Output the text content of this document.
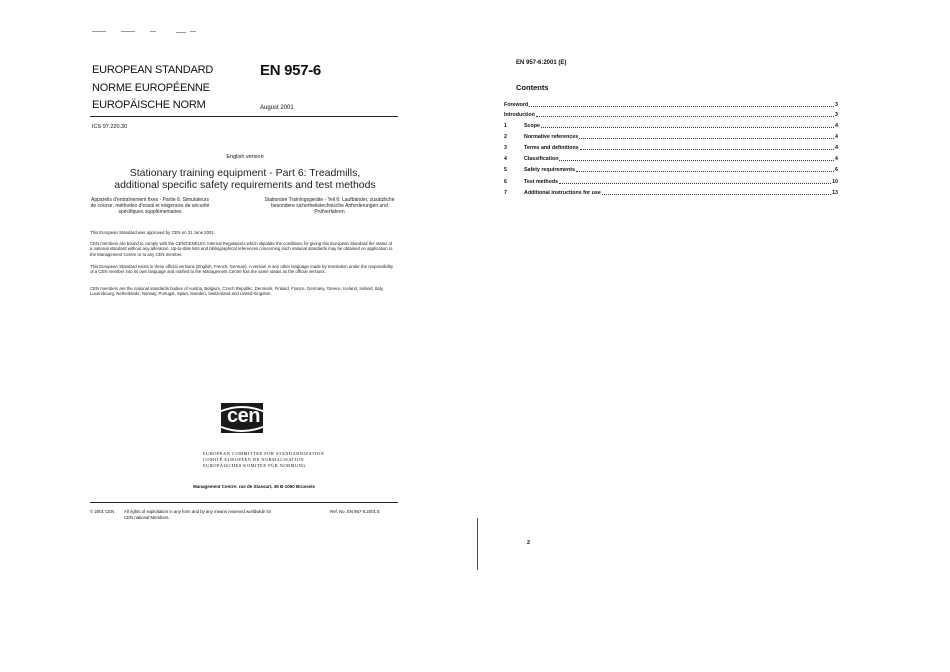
EUROPEAN STANDARD
NORME EUROPÉENNE
EUROPÄISCHE NORM
EN 957-6
August 2001
ICS 97.220.30
English version
Stationary training equipment - Part 6: Treadmills, additional specific safety requirements and test methods
Appareils d'entraînement fixes - Partie 6: Simulateurs de course, méthodes d'essai et exigences de sécurité spécifiques supplémentaires
Stationäre Trainingsgeräte - Teil 6: Laufbänder, zusätzliche besondere sicherheitstechnische Anforderungen und Prüfverfahren
This European Standard was approved by CEN on 21 June 2001.
CEN members are bound to comply with the CEN/CENELEC Internal Regulations which stipulate the conditions for giving this European Standard the status of a national standard without any alteration. Up-to-date lists and bibliographical references concerning such national standards may be obtained on application to the Management Centre or to any CEN member.
This European Standard exists in three official versions (English, French, German). A version in any other language made by translation under the responsibility of a CEN member into its own language and notified to the Management Centre has the same status as the official versions.
CEN members are the national standards bodies of Austria, Belgium, Czech Republic, Denmark, Finland, France, Germany, Greece, Iceland, Ireland, Italy, Luxembourg, Netherlands, Norway, Portugal, Spain, Sweden, Switzerland and United Kingdom.
cen
EUROPEAN COMMITTEE FOR STANDARDIZATION
COMITÉ EUROPÉEN DE NORMALISATION
EUROPÄISCHES KOMITEE FÜR NORMUNG
Management Centre: rue de Stassart, 36 B-1050 Brussels
© 2001 CEN All rights of exploitation in any form and by any means reserved worldwide for CEN national Members.
Ref. No. EN 957-6:2001 E
EN 957-6:2001 (E)
Contents
Foreword	3
Introduction	3
1	Scope	4
2	Normative references	4
3	Terms and definitions	4
4	Classification	4
5	Safety requirements	6
6	Test methods	10
7	Additional instructions for use	13
2
